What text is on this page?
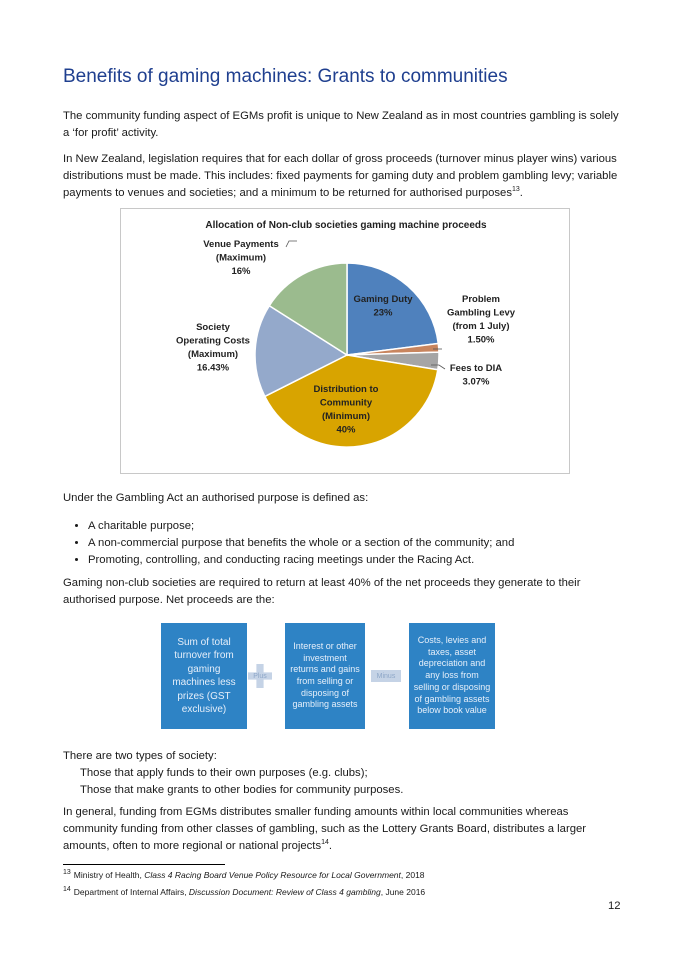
Benefits of gaming machines: Grants to communities

The community funding aspect of EGMs profit is unique to New Zealand as in most countries gambling is solely a ‘for profit’ activity.

In New Zealand, legislation requires that for each dollar of gross proceeds (turnover minus player wins) various distributions must be made. This includes: fixed payments for gaming duty and problem gambling levy; variable payments to venues and societies; and a minimum to be returned for authorised purposes$^{13}$.

Allocation of Non-club societies gaming machine proceeds
Gaming Duty 23%
Problem Gambling Levy (from 1 July) 1.50%
Fees to DIA 3.07%
Distribution to Community (Minimum) 40%
Society Operating Costs (Maximum) 16.43%
Venue Payments (Maximum) 16%

Under the Gambling Act an authorised purpose is defined as:

• A charitable purpose;
• A non-commercial purpose that benefits the whole or a section of the community; and
• Promoting, controlling, and conducting racing meetings under the Racing Act.

Gaming non-club societies are required to return at least 40% of the net proceeds they generate to their authorised purpose. Net proceeds are the:

Sum of total turnover from gaming machines less prizes (GST exclusive)
Plus
Interest or other investment returns and gains from selling or disposing of gambling assets
Minus
Costs, levies and taxes, asset depreciation and any loss from selling or disposing of gambling assets below book value

There are two types of society:

Those that apply funds to their own purposes (e.g. clubs);

Those that make grants to other bodies for community purposes.

In general, funding from EGMs distributes smaller funding amounts within local communities whereas community funding from other classes of gambling, such as the Lottery Grants Board, distributes a larger amounts, often to more regional or national projects$^{14}$.

$^{13}$ Ministry of Health, Class 4 Racing Board Venue Policy Resource for Local Government, 2018

$^{14}$ Department of Internal Affairs, Discussion Document: Review of Class 4 gambling, June 2016

12
